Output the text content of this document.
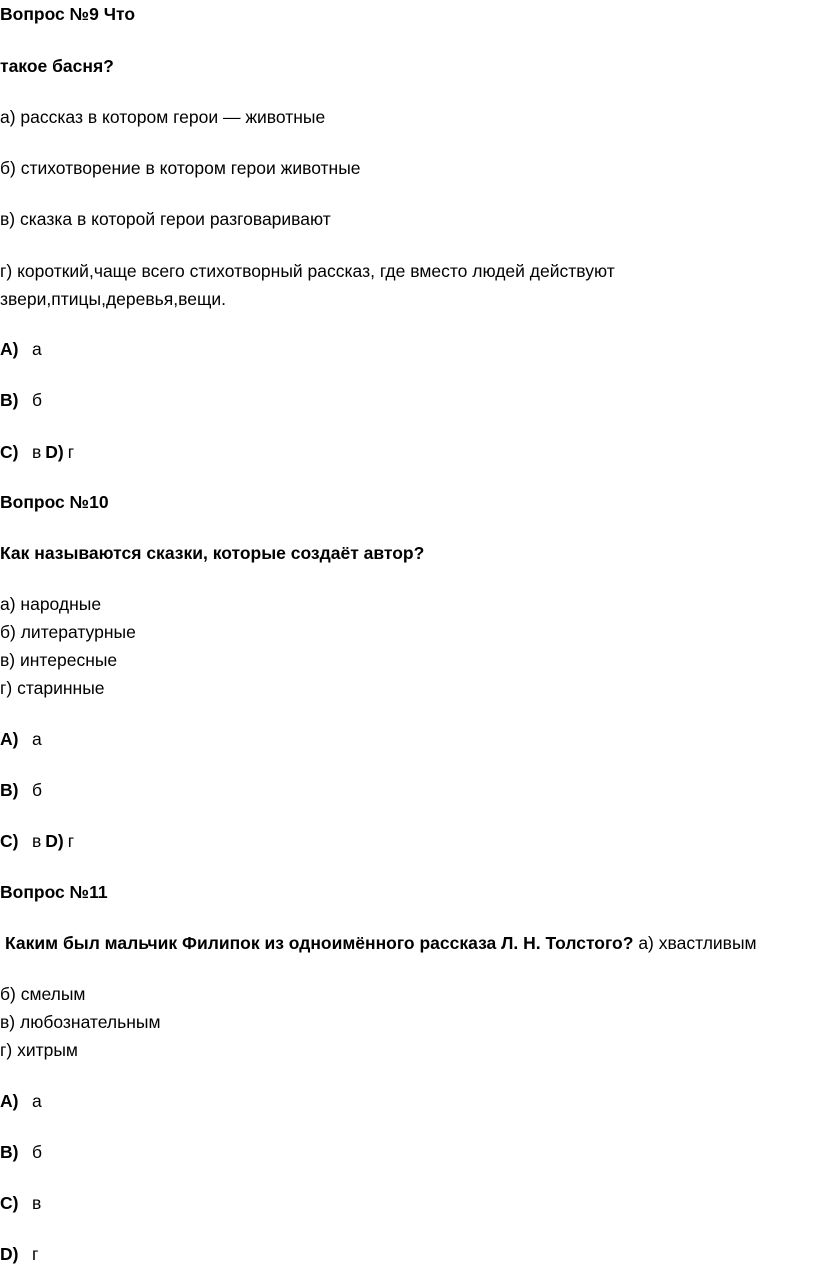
Вопрос №9 Что
такое басня?
а) рассказ в котором герои — животные
б) стихотворение в котором герои животные
в) сказка в которой герои разговаривают
г) короткий,чаще всего стихотворный рассказ, где вместо людей действуют
звери,птицы,деревья,вещи.
A) а
B) б
C) в D) г
Вопрос №10
Как называются сказки, которые создаёт автор?
а) народные
б) литературные
в) интересные
г) старинные
A) а
B) б
C) в D) г
Вопрос №11
Каким был мальчик Филипок из одноимённого рассказа Л. Н. Толстого? а) хвастливым
б) смелым
в) любознательным
г) хитрым
A) а
B) б
C) в
D) г
